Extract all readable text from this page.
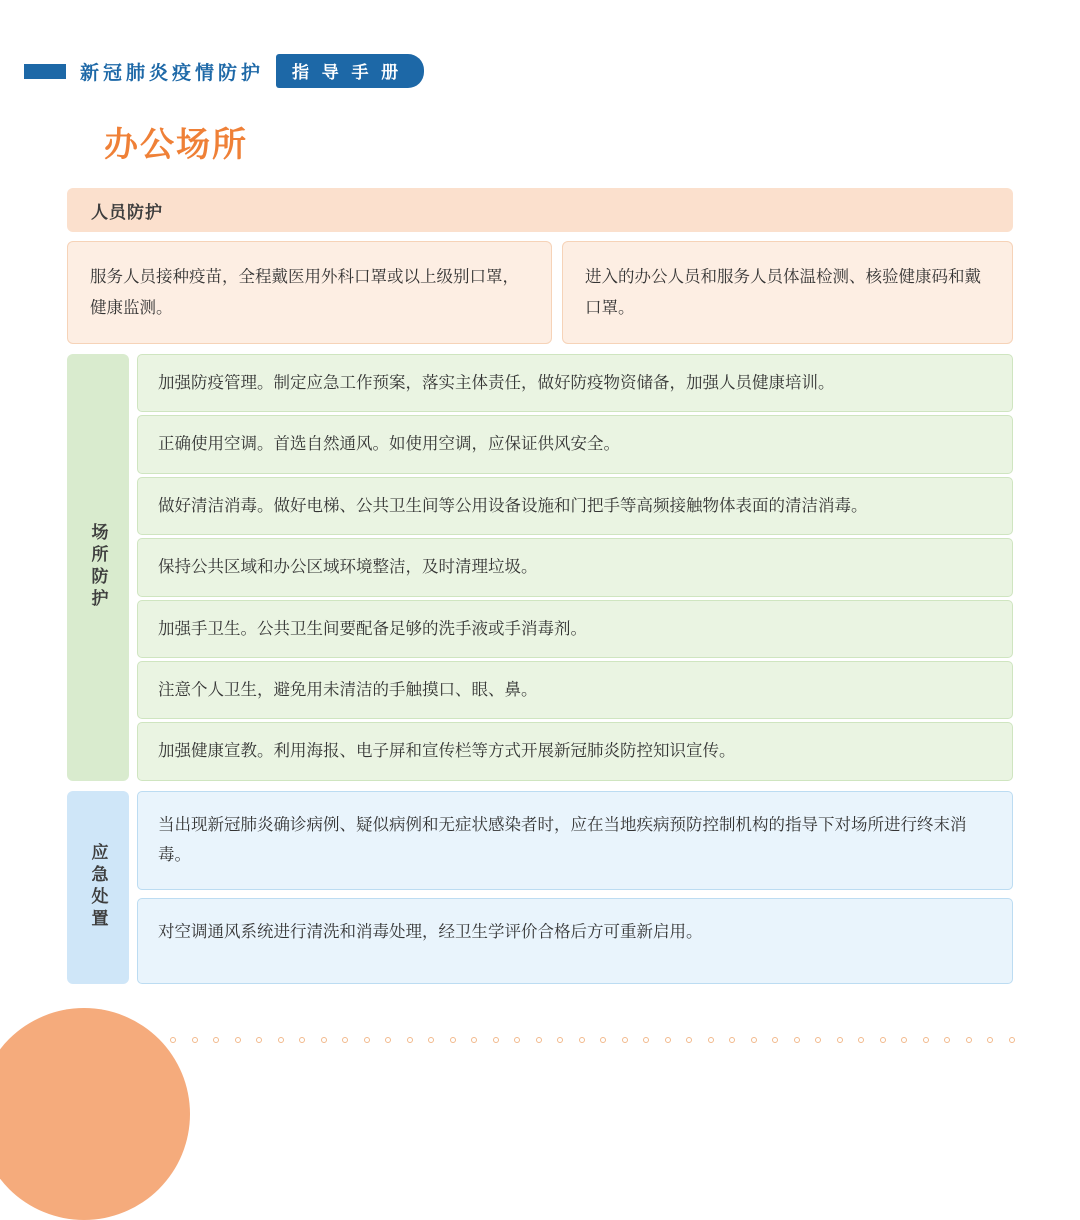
新冠肺炎疫情防护	指 导 手 册
办公场所
人员防护
服务人员接种疫苗，全程戴医用外科口罩或以上级别口罩，健康监测。
进入的办公人员和服务人员体温检测、核验健康码和戴口罩。
场所防护
加强防疫管理。制定应急工作预案，落实主体责任，做好防疫物资储备，加强人员健康培训。
正确使用空调。首选自然通风。如使用空调，应保证供风安全。
做好清洁消毒。做好电梯、公共卫生间等公用设备设施和门把手等高频接触物体表面的清洁消毒。
保持公共区域和办公区域环境整洁，及时清理垃圾。
加强手卫生。公共卫生间要配备足够的洗手液或手消毒剂。
注意个人卫生，避免用未清洁的手触摸口、眼、鼻。
加强健康宣教。利用海报、电子屏和宣传栏等方式开展新冠肺炎防控知识宣传。
应急处置
当出现新冠肺炎确诊病例、疑似病例和无症状感染者时，应在当地疾病预防控制机构的指导下对场所进行终末消毒。
对空调通风系统进行清洗和消毒处理，经卫生学评价合格后方可重新启用。
